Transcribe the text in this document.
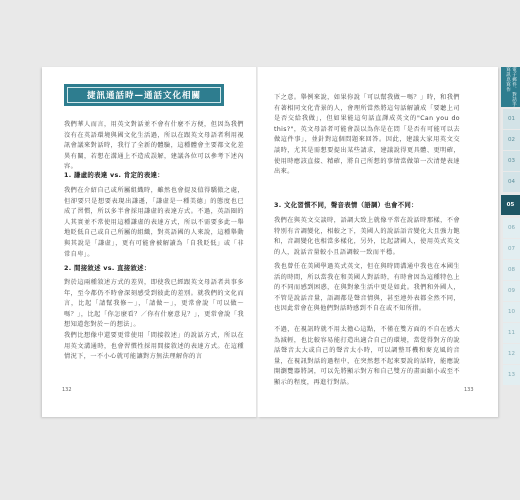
捷訊通話時—通話文化相關
我們華人而言，用英文對話並不會有什麼不方便，但因為我們沒有在英語環境與國文化生活過，所以在跟英文母語者利用視訊會議來對話時，我行了全新的體驗，這種體會主要都文化差異有關，若想在溝通上不造成誤解，建議各位可以參考下述內容。
1. 謙虛的表達 vs. 肯定的表達：
我們在介紹自己或所屬組織時，雖然也會提及值得驕傲之處，但卻要只是想要表現出謙遜，「謙虛是一種美德」的態度也已成了習慣，所以多半會採用謙虛的表達方式。不過，英語圈的人其實並不常使用這種謙虛的表達方式，所以不需要多此一舉地貶低自己或自己所屬的組織，對英語國的人來說，這種舉動與其說是「謙虛」，更有可能會被解讀為「自我貶低」或「非常自卑」。
2. 間接敘述 vs. 直接敘述：
對於這兩種敘述方式的差異，即使我已經跟英文母語者共事多年，至今都仍不時會深刻感受到彼此的差別。就我們的文化而言，比起「請幫我修～」，「請做～」，更常會說「可以做～嗎？」，比起「你怎麼看？／你有什麼意見？」，更常會說「我想知道您對於～的想法」。
我們比想像中還要更常使用「間接敘述」的說話方式，所以在用英文溝通時，也會習慣性採用間接敘述的表達方式。在這種情況下，一不小心就可能讓對方無法理解你的言
132
下之意。舉例來說，如果你說「可以幫我做～嗎？」時，和我們有著相同文化背景的人，會理所當然將這句話解讀成「要聽上司是否交給我做」，但如果能這句話直譯成英文的"Can you do this?"，英文母語者可能會誤以為你是在問「是否有可能可以去做這件事」，並針對這個問題來回答。因此，建議大家用英文交談時，尤其是需想要提出某些請求，建議說得更具體、更明確，使用時應該直接、精確，將自己所想的事情當做第一次清楚表達出來。
3. 文化習慣不同，聲音表情（語調）也會不同：
我們在與英文交談時，語調大致上就像平常在說話時那樣，不會特別有音調變化，相較之下，美國人的說話語音變化大且強力飽和，音調變化也相當多樣化，另外，比起諸國人，使用英式英文的人，說話音量較小且語調較一致而平穩。
我也曾任在美國學過英式英文，但在與時間溝通中我也在本國生活的時間，所以當我在和美國人對話時，有時會因為這種特色上的不同而感到困惑，在與對象生活中更是如此。我們和外國人，不管是說話音量，語調都是聲音情與，甚至連外表都全然不同，也因此常會在與他們對話時感到不自在或不知所措。
不過，在視訊時就不用太擔心這點，不僅在雙方面的不自在感大為減輕，也比較容易能打造出適合自己的環境，當覺得對方的說話聲音太大或自己的聲音太小時，可以調整耳機和麥克風的音量，在視訊對話的過程中，在突然想不起來要說的話時，能應說開瀏覽器將詞，可以先將顯示對方和自己雙方的畫面縮小或至不顯示的程度，再進行對話。
133
電子郵件．對話手寫訊息寫作
01
02
03
04
05
06
07
08
09
10
11
12
13
